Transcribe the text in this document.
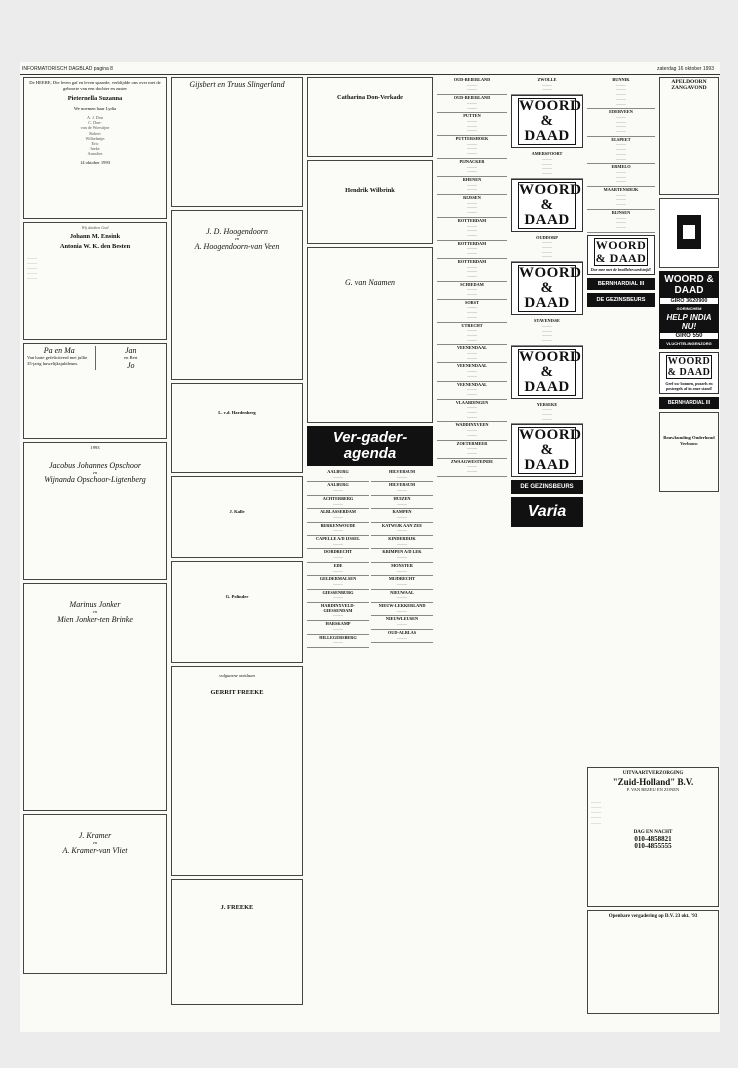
INFORMATORISCH DAGBLAD pagina 8	zaterdag 16 oktober 1993
De HEERE, Die leven gaf en leven spaarde, verblijdde ons over met de geboorte van een dochter en zuster
Pieternella Suzanna
We noemen haar Lydia
A. J. Don
C. Don-
van de Woestijne
Robert
Wilhelmijn
Eric
Ineke
Annalies
14 oktober 1993
Wij danken God
Johann M. Ensink
Antonia W. K. den Besten
..........
..........
..........
..........
..........
Pa en Ma
Van harte gefeliciteerd met jullie 35-jarig huwelijksjubileum.
Jan
en Bert
Jo
1993
Jacobus Johannes Opschoor
en
Wijnanda Opschoor-Ligtenberg
Marinus Jonker
en
Mien Jonker-ten Brinke
J. Kramer
en
A. Kramer-van Vliet
Gijsbert en Truus Slingerland
J. D. Hoogendoorn
en
A. Hoogendoorn-van Veen
L. v.d. Hardenberg
J. Kalle
G. Polinder
volgaarne ontslaan
GERRIT FREEKE
J. FREEKE
Catharina Don-Verkade
Hendrik Wilbrink
G. van Naamen
Ver-gader-agenda
AALBURG
..........
AALBURG
..........
ACHTERBERG
..........
ALBLASSERDAM
..........
BERKENWOUDE
..........
CAPELLE A/D IJSSEL
..........
DORDRECHT
..........
EDE
..........
GELDERMALSEN
..........
GIESSENBURG
..........
HARDINXVELD-GIESSENDAM
..........
HARSKAMP
..........
HILLEGERSBERG
..........
HILVERSUM
..........
HILVERSUM
..........
HUIZEN
..........
KAMPEN
..........
KATWIJK AAN ZEE
..........
KINDERDIJK
..........
KRIMPEN A/D LEK
..........
MONSTER
..........
MIJDRECHT
..........
NIEUWAAL
..........
NIEUW-LEKKERLAND
..........
NIEUWLEUSEN
..........
OUD-ALBLAS
..........
OUD-BEIERLAND
..........
..........
OUD-BEIERLAND
..........
..........
PUTTEN
..........
..........
..........
PUTTERSHOEK
..........
..........
..........
PIJNACKER
..........
..........
RHENEN
..........
..........
RIJSSEN
..........
..........
..........
ROTTERDAM
..........
..........
..........
ROTTERDAM
..........
..........
ROTTERDAM
..........
..........
..........
SCHIEDAM
..........
..........
SORST
..........
..........
..........
UTRECHT
..........
..........
..........
VEENENDAAL
..........
..........
VEENENDAAL
..........
..........
VEENENDAAL
..........
..........
VLAARDINGEN
..........
..........
..........
WADDINXVEEN
..........
..........
ZOETERMEER
..........
..........
ZWAAGWESTEINDE
..........
..........
ZWOLLE
..........
..........
WOORD & DAAD
AMERSFOORT
..........
..........
..........
..........
WOORD & DAAD
OUDDORP
..........
..........
..........
..........
WOORD & DAAD
STAVENISSE
..........
..........
..........
..........
WOORD & DAAD
YERSEKE
..........
..........
..........
WOORD & DAAD
DE GEZINSBEURS
Varia
BUNNIK
..........
..........
..........
..........
..........
EDERVEEN
..........
..........
..........
..........
ELSPEET
..........
..........
..........
..........
ERMELO
..........
..........
..........
MAARTENSDIJK
..........
..........
..........
RIJNSEN
..........
..........
..........
WOORD & DAAD
Doe mee met de brailleleeswedstrijd!
BERNHARDIAL III
DE GEZINSBEURS
APELDOORN
ZANGAVOND
WOORD & DAAD
GIRO 3620900
GORINCHEM
HELP INDIA NU!
GIRO 550
VLUCHTELINGENZORG
WOORD & DAAD
Geef uw bonnen, puzzels en postzegels af in onze stand!
BERNHARDIAL III
Bouwkunding Onderhoud Verbouw
UITVAARTVERZORGING
"Zuid-Holland" B.V.
P. VAN BEZEU EN ZONEN
..........
..........
..........
..........
..........
DAG EN NACHT
010-4858821
010-4855555
Openbare vergadering op D.V. 23 okt. '93
